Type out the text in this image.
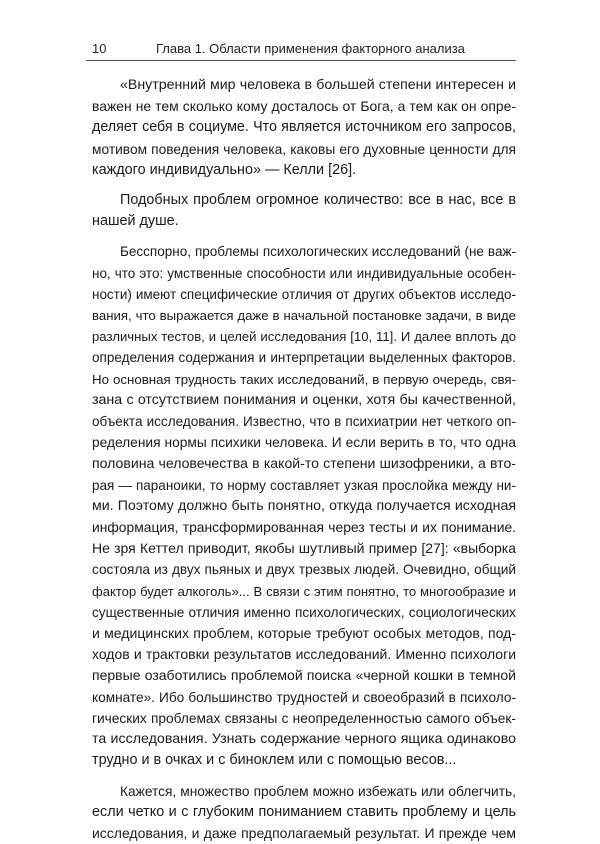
10	Глава 1. Области применения факторного анализа

«Внутренний мир человека в большей степени интересен и
важен не тем сколько кому досталось от Бога, а тем как он опре-
деляет себя в социуме. Что является источником его запросов,
мотивом поведения человека, каковы его духовные ценности для
каждого индивидуально» — Келли [26].

Подобных проблем огромное количество: все в нас, все в
нашей душе.

Бесспорно, проблемы психологических исследований (не важ-
но, что это: умственные способности или индивидуальные особен-
ности) имеют специфические отличия от других объектов исследо-
вания, что выражается даже в начальной постановке задачи, в виде
различных тестов, и целей исследования [10, 11]. И далее вплоть до
определения содержания и интерпретации выделенных факторов.
Но основная трудность таких исследований, в первую очередь, свя-
зана с отсутствием понимания и оценки, хотя бы качественной,
объекта исследования. Известно, что в психиатрии нет четкого оп-
ределения нормы психики человека. И если верить в то, что одна
половина человечества в какой-то степени шизофреники, а вто-
рая — параноики, то норму составляет узкая прослойка между ни-
ми. Поэтому должно быть понятно, откуда получается исходная
информация, трансформированная через тесты и их понимание.
Не зря Кеттел приводит, якобы шутливый пример [27]: «выборка
состояла из двух пьяных и двух трезвых людей. Очевидно, общий
фактор будет алкоголь»... В связи с этим понятно, то многообразие и
существенные отличия именно психологических, социологических
и медицинских проблем, которые требуют особых методов, под-
ходов и трактовки результатов исследований. Именно психологи
первые озаботились проблемой поиска «черной кошки в темной
комнате». Ибо большинство трудностей и своеобразий в психоло-
гических проблемах связаны с неопределенностью самого объек-
та исследования. Узнать содержание черного ящика одинаково
трудно и в очках и с биноклем или с помощью весов...

Кажется, множество проблем можно избежать или облегчить,
если четко и с глубоким пониманием ставить проблему и цель
исследования, и даже предполагаемый результат. И прежде чем
